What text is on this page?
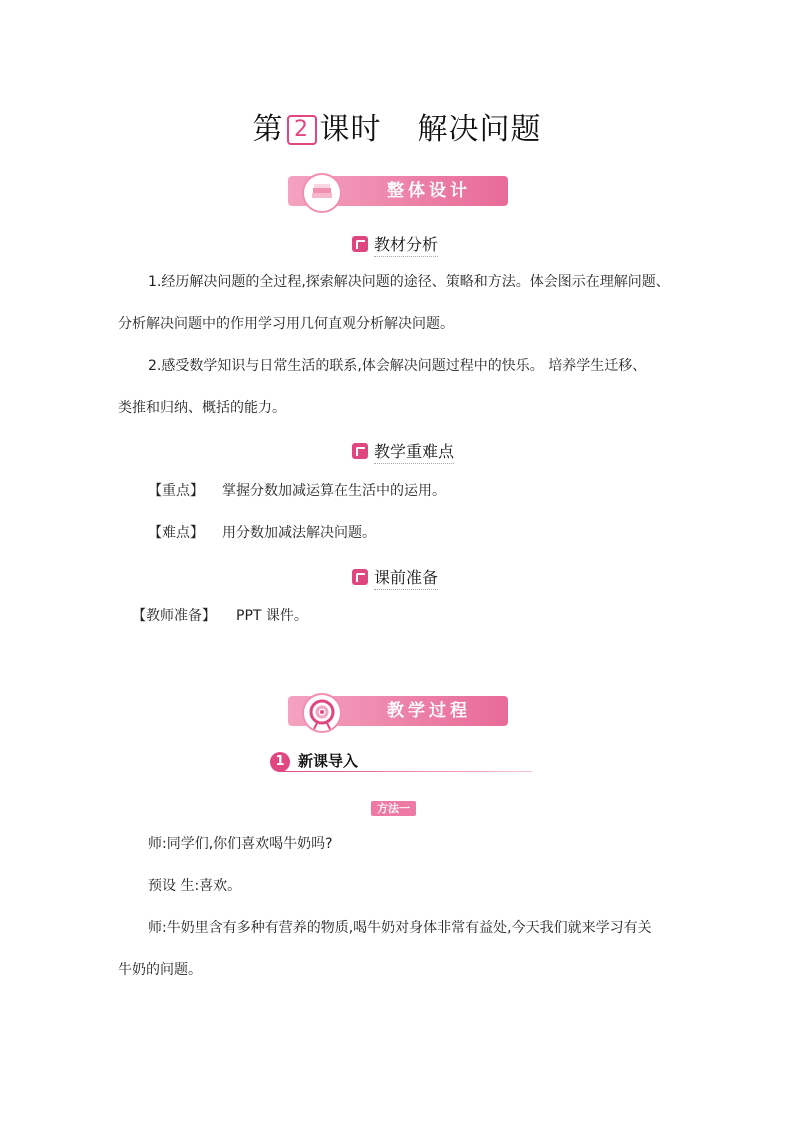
第 2 课时 解决问题
整体设计
教材分析
1.经历解决问题的全过程,探索解决问题的途径、策略和方法。体会图示在理解问题、
分析解决问题中的作用学习用几何直观分析解决问题。
2.感受数学知识与日常生活的联系,体会解决问题过程中的快乐。 培养学生迁移、
类推和归纳、概括的能力。
教学重难点
【重点】 掌握分数加减运算在生活中的运用。
【难点】 用分数加减法解决问题。
课前准备
【教师准备】 PPT 课件。
教学过程
1 新课导入
方法一
师:同学们,你们喜欢喝牛奶吗?
预设 生:喜欢。
师:牛奶里含有多种有营养的物质,喝牛奶对身体非常有益处,今天我们就来学习有关
牛奶的问题。
